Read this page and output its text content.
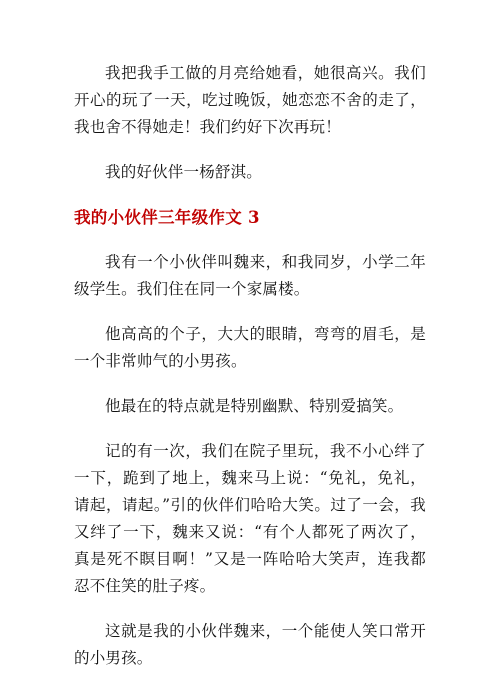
我把我手工做的月亮给她看，她很高兴。我们开心的玩了一天，吃过晚饭，她恋恋不舍的走了，我也舍不得她走！我们约好下次再玩！

我的好伙伴一杨舒淇。

我的小伙伴三年级作文 3

我有一个小伙伴叫魏来，和我同岁，小学二年级学生。我们住在同一个家属楼。

他高高的个子，大大的眼睛，弯弯的眉毛，是一个非常帅气的小男孩。

他最在的特点就是特别幽默、特别爱搞笑。

记的有一次，我们在院子里玩，我不小心绊了一下，跪到了地上，魏来马上说：“免礼，免礼，请起，请起。”引的伙伴们哈哈大笑。过了一会，我又绊了一下，魏来又说：“有个人都死了两次了，真是死不瞑目啊！”又是一阵哈哈大笑声，连我都忍不住笑的肚子疼。

这就是我的小伙伴魏来，一个能使人笑口常开的小男孩。
